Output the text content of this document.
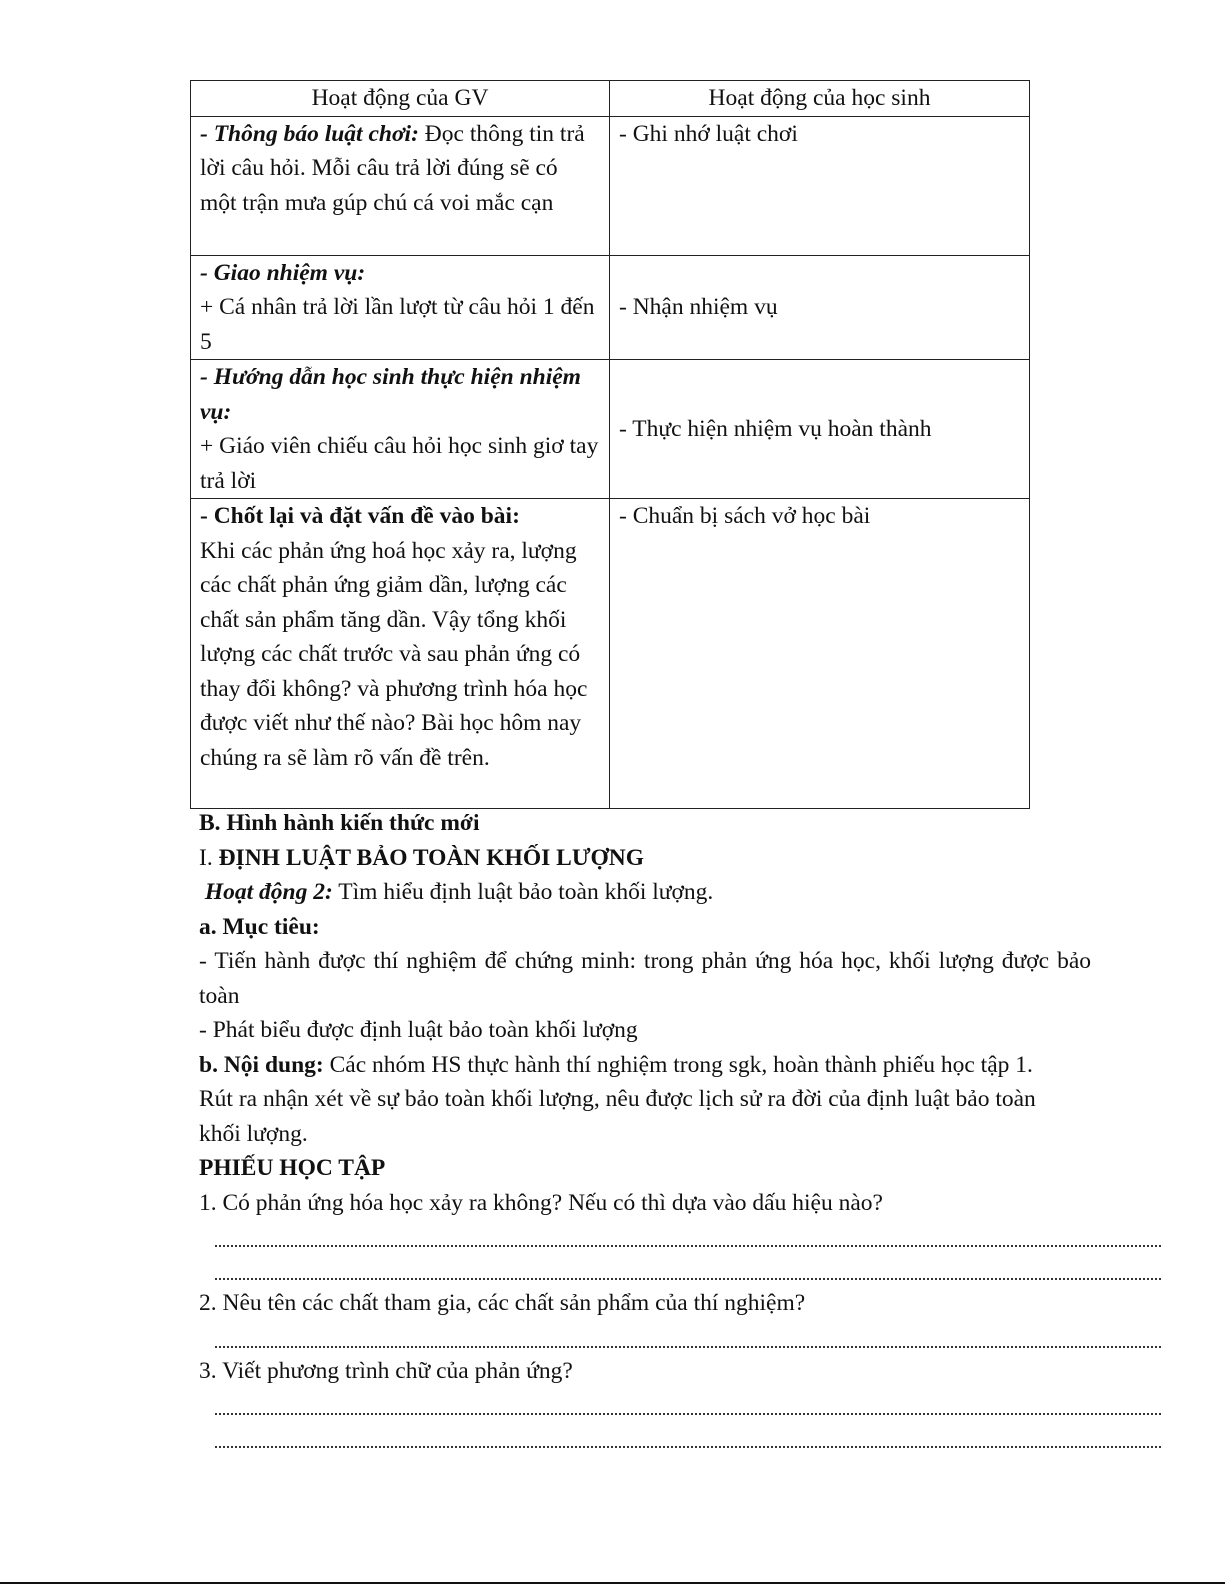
Hoạt động của GV	Hoạt động của học sinh
- Thông báo luật chơi: Đọc thông tin trả lời câu hỏi. Mỗi câu trả lời đúng sẽ có một trận mưa gúp chú cá voi mắc cạn	- Ghi nhớ luật chơi

- Giao nhiệm vụ:
+ Cá nhân trả lời lần lượt từ câu hỏi 1 đến 5	- Nhận nhiệm vụ

- Hướng dẫn học sinh thực hiện nhiệm vụ:
+ Giáo viên chiếu câu hỏi học sinh giơ tay trả lời	- Thực hiện nhiệm vụ hoàn thành

- Chốt lại và đặt vấn đề vào bài:
Khi các phản ứng hoá học xảy ra, lượng các chất phản ứng giảm dần, lượng các chất sản phẩm tăng dần. Vậy tổng khối lượng các chất trước và sau phản ứng có thay đổi không? và phương trình hóa học được viết như thế nào? Bài học hôm nay chúng ra sẽ làm rõ vấn đề trên.	- Chuẩn bị sách vở học bài

B. Hình hành kiến thức mới

I. ĐỊNH LUẬT BẢO TOÀN KHỐI LƯỢNG

Hoạt động 2: Tìm hiểu định luật bảo toàn khối lượng.

a. Mục tiêu:

- Tiến hành được thí nghiệm để chứng minh: trong phản ứng hóa học, khối lượng được bảo toàn

- Phát biểu được định luật bảo toàn khối lượng

b. Nội dung: Các nhóm HS thực hành thí nghiệm trong sgk, hoàn thành phiếu học tập 1. Rút ra nhận xét về sự bảo toàn khối lượng, nêu được lịch sử ra đời của định luật bảo toàn khối lượng.

PHIẾU HỌC TẬP

1. Có phản ứng hóa học xảy ra không? Nếu có thì dựa vào dấu hiệu nào?

2. Nêu tên các chất tham gia, các chất sản phẩm của thí nghiệm?

3. Viết phương trình chữ của phản ứng?
